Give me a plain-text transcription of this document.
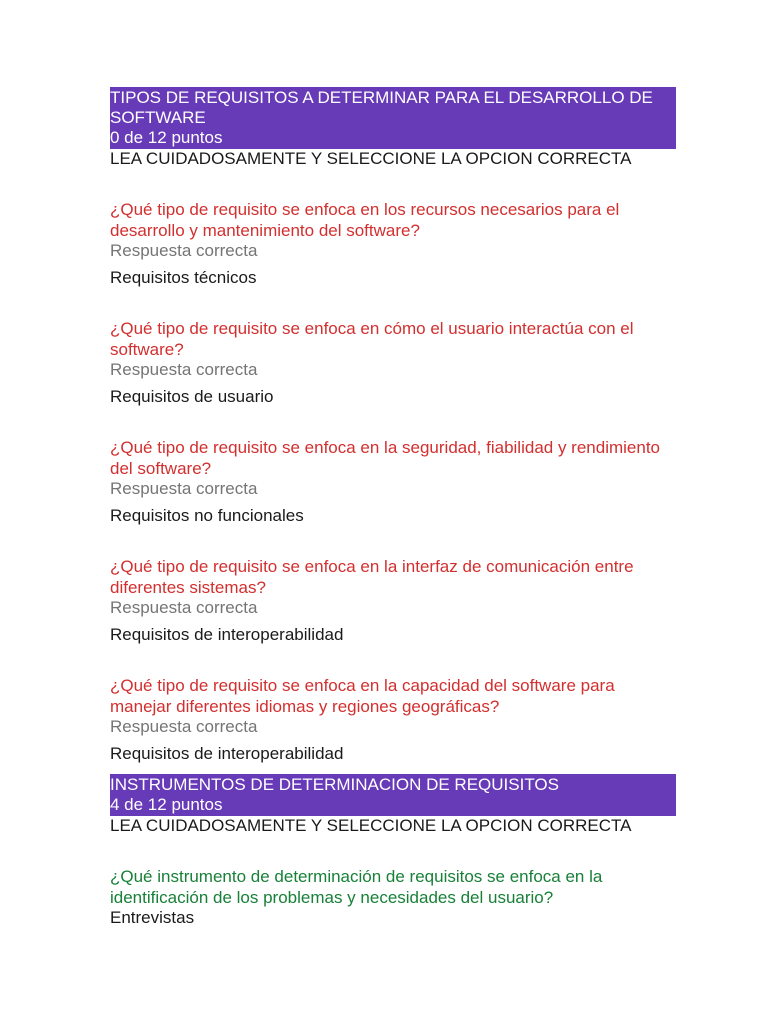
TIPOS DE REQUISITOS A DETERMINAR PARA EL DESARROLLO DE SOFTWARE
0 de 12 puntos
LEA CUIDADOSAMENTE Y SELECCIONE LA OPCION CORRECTA
¿Qué tipo de requisito se enfoca en los recursos necesarios para el desarrollo y mantenimiento del software?
Respuesta correcta
Requisitos técnicos
¿Qué tipo de requisito se enfoca en cómo el usuario interactúa con el software?
Respuesta correcta
Requisitos de usuario
¿Qué tipo de requisito se enfoca en la seguridad, fiabilidad y rendimiento del software?
Respuesta correcta
Requisitos no funcionales
¿Qué tipo de requisito se enfoca en la interfaz de comunicación entre diferentes sistemas?
Respuesta correcta
Requisitos de interoperabilidad
¿Qué tipo de requisito se enfoca en la capacidad del software para manejar diferentes idiomas y regiones geográficas?
Respuesta correcta
Requisitos de interoperabilidad
INSTRUMENTOS DE DETERMINACION DE REQUISITOS
4 de 12 puntos
LEA CUIDADOSAMENTE Y SELECCIONE LA OPCION CORRECTA
¿Qué instrumento de determinación de requisitos se enfoca en la identificación de los problemas y necesidades del usuario?
Entrevistas
